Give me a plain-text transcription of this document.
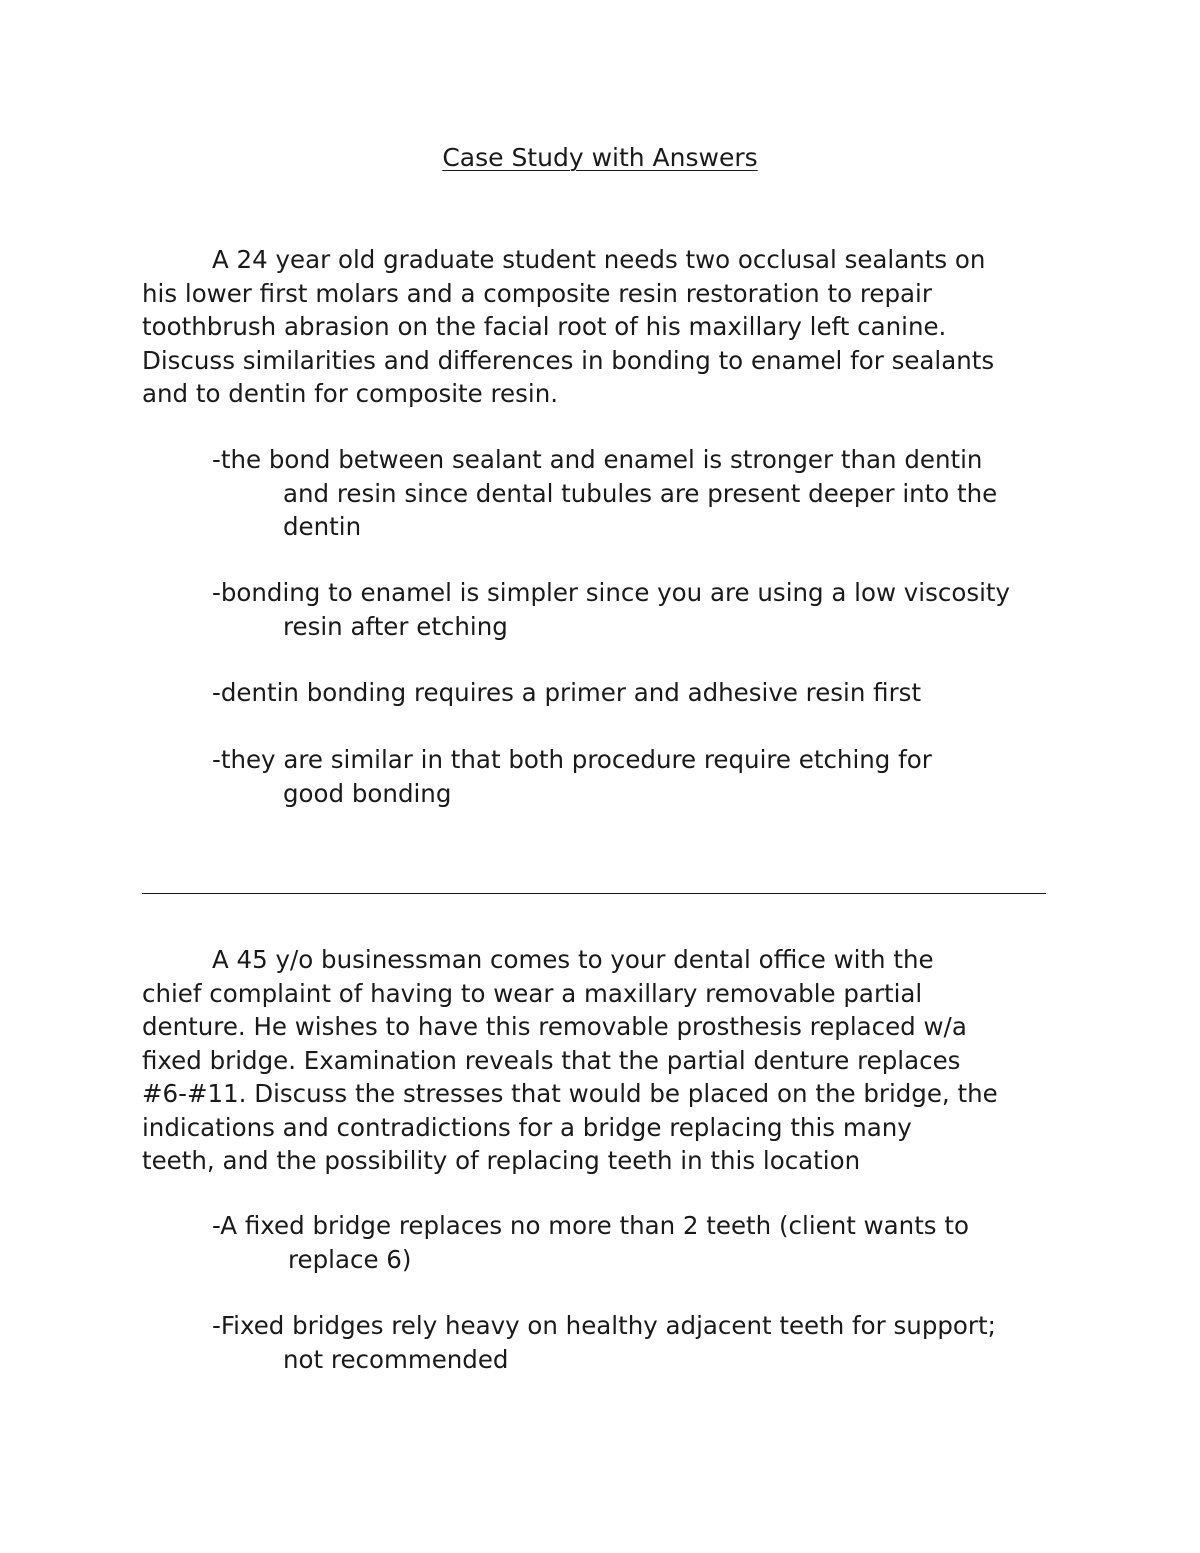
Case Study with Answers
A 24 year old graduate student needs two occlusal sealants on
his lower first molars and a composite resin restoration to repair
toothbrush abrasion on the facial root of his maxillary left canine.
Discuss similarities and differences in bonding to enamel for sealants
and to dentin for composite resin.
-the bond between sealant and enamel is stronger than dentin
and resin since dental tubules are present deeper into the
dentin
-bonding to enamel is simpler since you are using a low viscosity
resin after etching
-dentin bonding requires a primer and adhesive resin first
-they are similar in that both procedure require etching for
good bonding
A 45 y/o businessman comes to your dental office with the
chief complaint of having to wear a maxillary removable partial
denture. He wishes to have this removable prosthesis replaced w/a
fixed bridge. Examination reveals that the partial denture replaces
#6-#11. Discuss the stresses that would be placed on the bridge, the
indications and contradictions for a bridge replacing this many
teeth, and the possibility of replacing teeth in this location
-A fixed bridge replaces no more than 2 teeth (client wants to
replace 6)
-Fixed bridges rely heavy on healthy adjacent teeth for support;
not recommended
